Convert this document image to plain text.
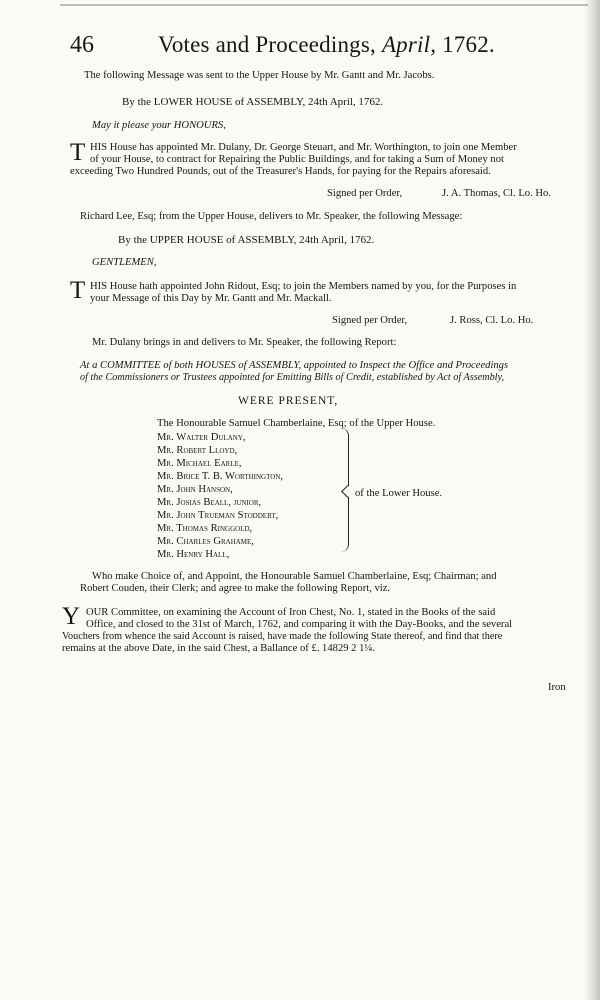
46	Votes and Proceedings, April, 1762.
The following Message was sent to the Upper House by Mr. Gantt and Mr. Jacobs.
By the LOWER HOUSE of ASSEMBLY, 24th April, 1762.
May it please your HONOURS,
T HIS House has appointed Mr. Dulany, Dr. George Steuart, and Mr. Worthington, to join one Member
of your House, to contract for Repairing the Public Buildings, and for taking a Sum of Money not
exceeding Two Hundred Pounds, out of the Treasurer's Hands, for paying for the Repairs aforesaid.
Signed per Order,	J. A. Thomas, Cl. Lo. Ho.
Richard Lee, Esq; from the Upper House, delivers to Mr. Speaker, the following Message:
By the UPPER HOUSE of ASSEMBLY, 24th April, 1762.
GENTLEMEN,
T HIS House hath appointed John Ridout, Esq; to join the Members named by you, for the Purposes in
your Message of this Day by Mr. Gantt and Mr. Mackall.
Signed per Order,	J. Ross, Cl. Lo. Ho.
Mr. Dulany brings in and delivers to Mr. Speaker, the following Report:
At a COMMITTEE of both HOUSES of ASSEMBLY, appointed to Inspect the Office and Proceedings
of the Commissioners or Trustees appointed for Emitting Bills of Credit, established by Act of Assembly,
WERE PRESENT,
The Honourable Samuel Chamberlaine, Esq; of the Upper House.
Mr. Walter Dulany,
Mr. Robert Lloyd,
Mr. Michael Earle,
Mr. Brice T. B. Worthington,
Mr. John Hanson,
Mr. Josias Beall, junior,
Mr. John Trueman Stoddert,
Mr. Thomas Ringgold,
Mr. Charles Grahame,
Mr. Henry Hall,
of the Lower House.
Who make Choice of, and Appoint, the Honourable Samuel Chamberlaine, Esq; Chairman; and
Robert Couden, their Clerk; and agree to make the following Report, viz.
Y OUR Committee, on examining the Account of Iron Chest, No. 1, stated in the Books of the said
Office, and closed to the 31st of March, 1762, and comparing it with the Day-Books, and the several
Vouchers from whence the said Account is raised, have made the following State thereof, and find that there
remains at the above Date, in the said Chest, a Ballance of £. 14829 2 1¼.
Iron
